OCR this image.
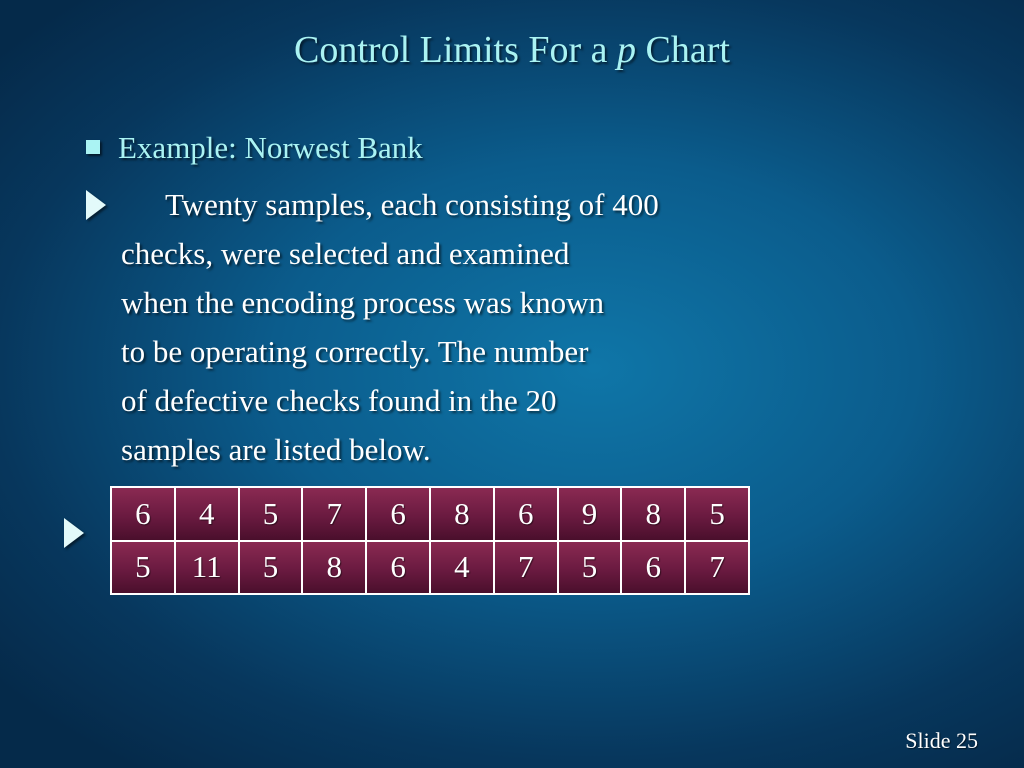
Control Limits For a p Chart
Example: Norwest Bank
Twenty samples, each consisting of 400
checks, were selected and examined
when the encoding process was known
to be operating correctly. The number
of defective checks found in the 20
samples are listed below.
6	4	5	7	6	8	6	9	8	5
5	11	5	8	6	4	7	5	6	7
Slide 25
